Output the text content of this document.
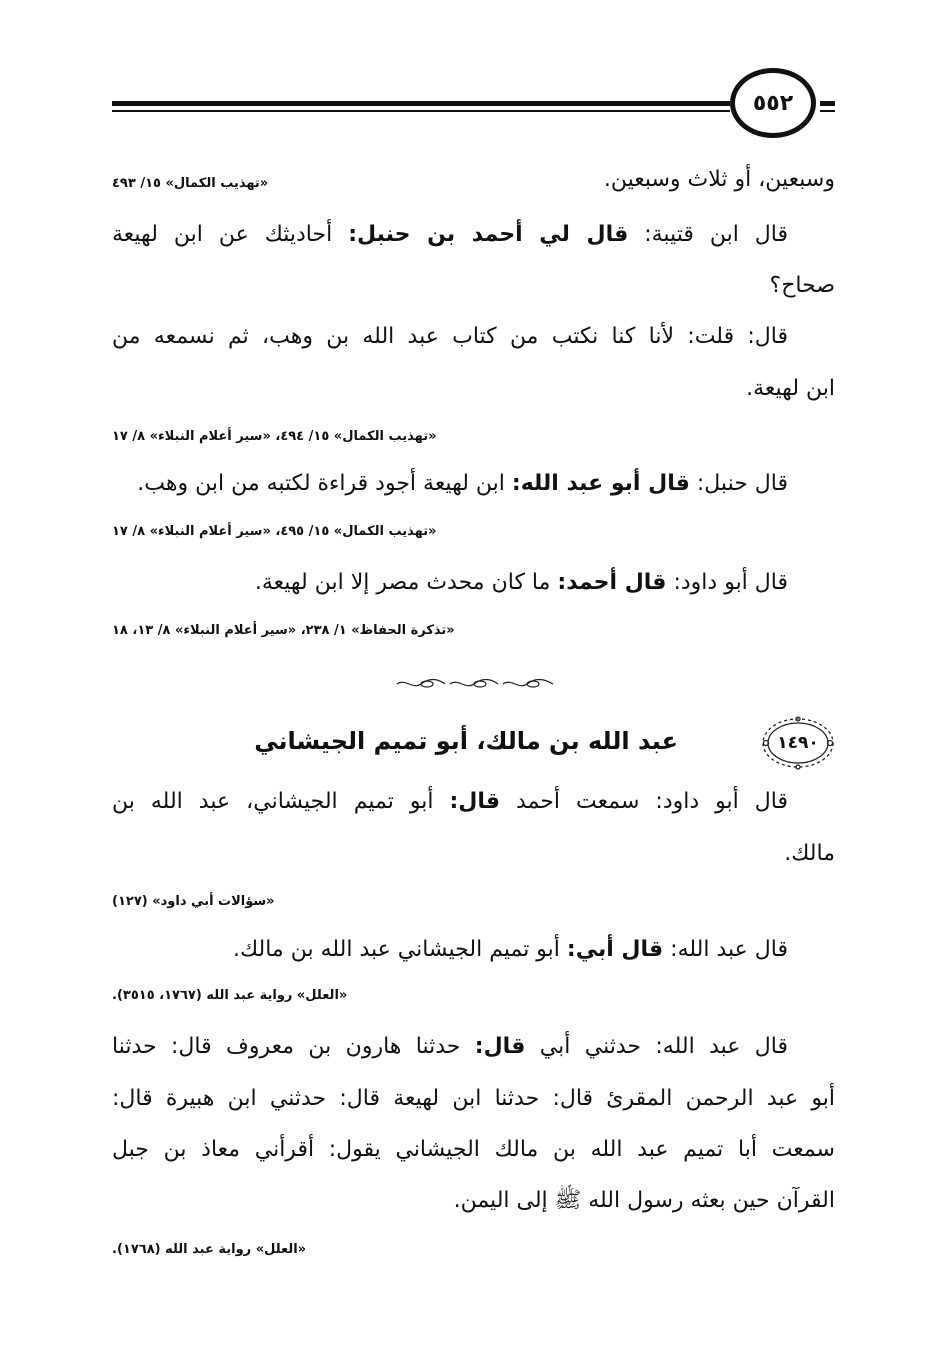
٥٥٢
وسبعين، أو ثلاث وسبعين.
«تهذيب الكمال» ١٥/ ٤٩٣
قال ابن قتيبة: قال لي أحمد بن حنبل: أحاديثك عن ابن لهيعة
صحاح؟
قال: قلت: لأنا كنا نكتب من كتاب عبد الله بن وهب، ثم نسمعه من
ابن لهيعة.
«تهذيب الكمال» ١٥/ ٤٩٤، «سير أعلام النبلاء» ٨/ ١٧
قال حنبل: قال أبو عبد الله: ابن لهيعة أجود قراءة لكتبه من ابن وهب.
«تهذيب الكمال» ١٥/ ٤٩٥، «سير أعلام النبلاء» ٨/ ١٧
قال أبو داود: قال أحمد: ما كان محدث مصر إلا ابن لهيعة.
«تذكرة الحفاظ» ١/ ٢٣٨، «سير أعلام النبلاء» ٨/ ١٣، ١٨
١٤٩٠
عبد الله بن مالك، أبو تميم الجيشاني
قال أبو داود: سمعت أحمد قال: أبو تميم الجيشاني، عبد الله بن
مالك.
«سؤالات أبي داود» (١٢٧)
قال عبد الله: قال أبي: أبو تميم الجيشاني عبد الله بن مالك.
«العلل» رواية عبد الله (١٧٦٧، ٣٥١٥).
قال عبد الله: حدثني أبي قال: حدثنا هارون بن معروف قال: حدثنا
أبو عبد الرحمن المقرئ قال: حدثنا ابن لهيعة قال: حدثني ابن هبيرة قال:
سمعت أبا تميم عبد الله بن مالك الجيشاني يقول: أقرأني معاذ بن جبل
القرآن حين بعثه رسول الله ﷺ إلى اليمن.
«العلل» رواية عبد الله (١٧٦٨).
